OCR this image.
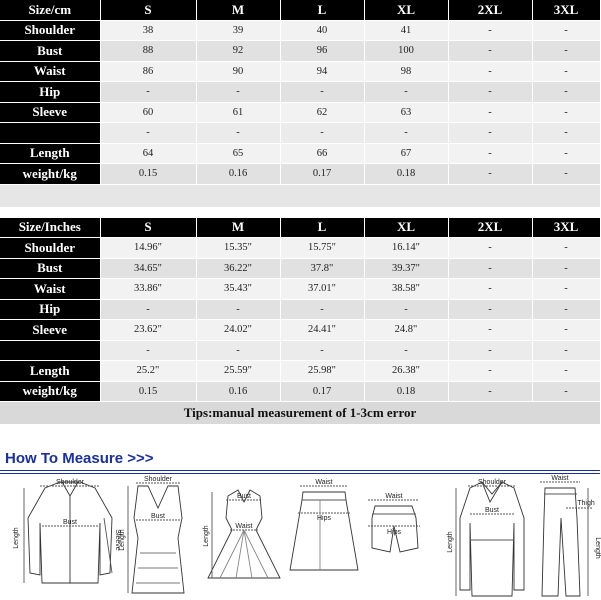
Size/cm	S	M	L	XL	2XL	3XL
Shoulder	38	39	40	41	-	-
Bust	88	92	96	100	-	-
Waist	86	90	94	98	-	-
Hip	-	-	-	-	-	-
Sleeve	60	61	62	63	-	-
	-	-	-	-	-	-
Length	64	65	66	67	-	-
weight/kg	0.15	0.16	0.17	0.18	-	-
Size/Inches	S	M	L	XL	2XL	3XL
Shoulder	14.96"	15.35"	15.75"	16.14"	-	-
Bust	34.65"	36.22"	37.8"	39.37"	-	-
Waist	33.86"	35.43"	37.01"	38.58"	-	-
Hip	-	-	-	-	-	-
Sleeve	23.62"	24.02"	24.41"	24.8"	-	-
	-	-	-	-	-	-
Length	25.2"	25.59"	25.98"	26.38"	-	-
weight/kg	0.15	0.16	0.17	0.18	-	-
Tips:manual measurement of 1-3cm error
How To Measure >>>
Shoulder
Bust
Length	Sleeve
Shoulder
Bust
Length
Bust
Waist
Length
Waist
Hips
Waist
Hips
Shoulder
Bust
Length
Waist
Thigh
Length
